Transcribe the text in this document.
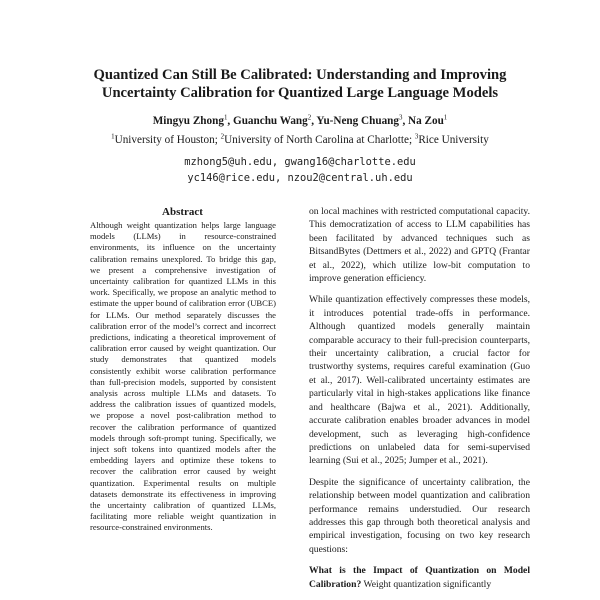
Quantized Can Still Be Calibrated: Understanding and Improving
Uncertainty Calibration for Quantized Large Language Models
Mingyu Zhong$^1$, Guanchu Wang$^2$, Yu-Neng Chuang$^3$, Na Zou$^1$
$^1$University of Houston; $^2$University of North Carolina at Charlotte; $^3$Rice University
mzhong5@uh.edu, gwang16@charlotte.edu
yc146@rice.edu, nzou2@central.uh.edu
Abstract

Although weight quantization helps large language models (LLMs) in resource-constrained environments, its influence on the uncertainty calibration remains unexplored. To bridge this gap, we present a comprehensive investigation of uncertainty calibration for quantized LLMs in this work. Specifically, we propose an analytic method to estimate the upper bound of calibration error (UBCE) for LLMs. Our method separately discusses the calibration error of the model’s correct and incorrect predictions, indicating a theoretical improvement of calibration error caused by weight quantization. Our study demonstrates that quantized models consistently exhibit worse calibration performance than full-precision models, supported by consistent analysis across multiple LLMs and datasets. To address the calibration issues of quantized models, we propose a novel post-calibration method to recover the calibration performance of quantized models through soft-prompt tuning. Specifically, we inject soft tokens into quantized models after the embedding layers and optimize these tokens to recover the calibration error caused by weight quantization. Experimental results on multiple datasets demonstrate its effectiveness in improving the uncertainty calibration of quantized LLMs, facilitating more reliable weight quantization in resource-constrained environments.

on local machines with restricted computational capacity. This democratization of access to LLM capabilities has been facilitated by advanced techniques such as BitsandBytes (Dettmers et al., 2022) and GPTQ (Frantar et al., 2022), which utilize low-bit computation to improve generation efficiency.

While quantization effectively compresses these models, it introduces potential trade-offs in performance. Although quantized models generally maintain comparable accuracy to their full-precision counterparts, their uncertainty calibration, a crucial factor for trustworthy systems, requires careful examination (Guo et al., 2017). Well-calibrated uncertainty estimates are particularly vital in high-stakes applications like finance and healthcare (Bajwa et al., 2021). Additionally, accurate calibration enables broader advances in model development, such as leveraging high-confidence predictions on unlabeled data for semi-supervised learning (Sui et al., 2025; Jumper et al., 2021).

Despite the significance of uncertainty calibration, the relationship between model quantization and calibration performance remains understudied. Our research addresses this gap through both theoretical analysis and empirical investigation, focusing on two key research questions:

What is the Impact of Quantization on Model Calibration? Weight quantization significantly
